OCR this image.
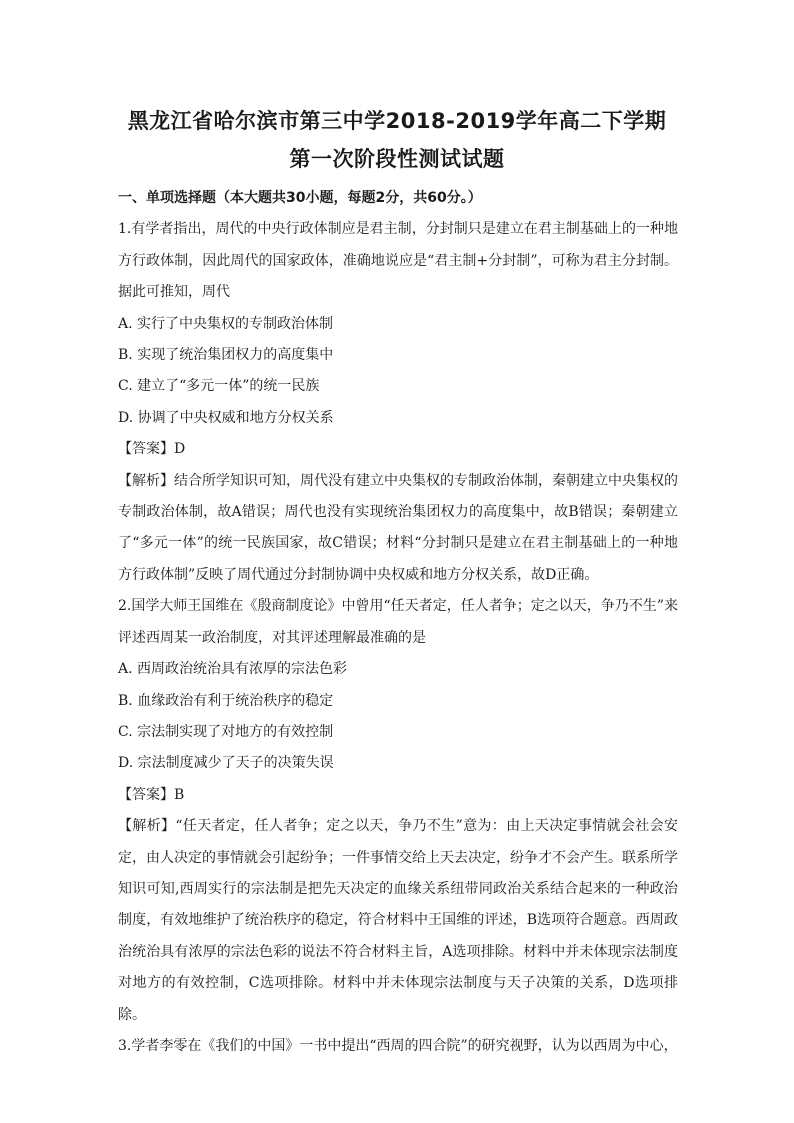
黑龙江省哈尔滨市第三中学2018-2019学年高二下学期
第一次阶段性测试试题

一、单项选择题（本大题共30小题，每题2分，共60分。）

1.有学者指出，周代的中央行政体制应是君主制，分封制只是建立在君主制基础上的一种地方行政体制，因此周代的国家政体，准确地说应是“君主制+分封制”，可称为君主分封制。据此可推知，周代

A. 实行了中央集权的专制政治体制

B. 实现了统治集团权力的高度集中

C. 建立了“多元一体”的统一民族

D. 协调了中央权威和地方分权关系

【答案】D

【解析】结合所学知识可知，周代没有建立中央集权的专制政治体制，秦朝建立中央集权的专制政治体制，故A错误；周代也没有实现统治集团权力的高度集中，故B错误；秦朝建立了“多元一体”的统一民族国家，故C错误；材料“分封制只是建立在君主制基础上的一种地方行政体制”反映了周代通过分封制协调中央权威和地方分权关系，故D正确。

2.国学大师王国维在《殷商制度论》中曾用“任天者定，任人者争；定之以天，争乃不生”来评述西周某一政治制度，对其评述理解最准确的是

A. 西周政治统治具有浓厚的宗法色彩

B. 血缘政治有利于统治秩序的稳定

C. 宗法制实现了对地方的有效控制

D. 宗法制度减少了天子的决策失误

【答案】B

【解析】“任天者定，任人者争；定之以天，争乃不生”意为：由上天决定事情就会社会安定，由人决定的事情就会引起纷争；一件事情交给上天去决定，纷争才不会产生。联系所学知识可知,西周实行的宗法制是把先天决定的血缘关系纽带同政治关系结合起来的一种政治制度，有效地维护了统治秩序的稳定，符合材料中王国维的评述，B选项符合题意。西周政治统治具有浓厚的宗法色彩的说法不符合材料主旨，A选项排除。材料中并未体现宗法制度对地方的有效控制，C选项排除。材料中并未体现宗法制度与天子决策的关系，D选项排除。

3.学者李零在《我们的中国》一书中提出“西周的四合院”的研究视野，认为以西周为中心，
